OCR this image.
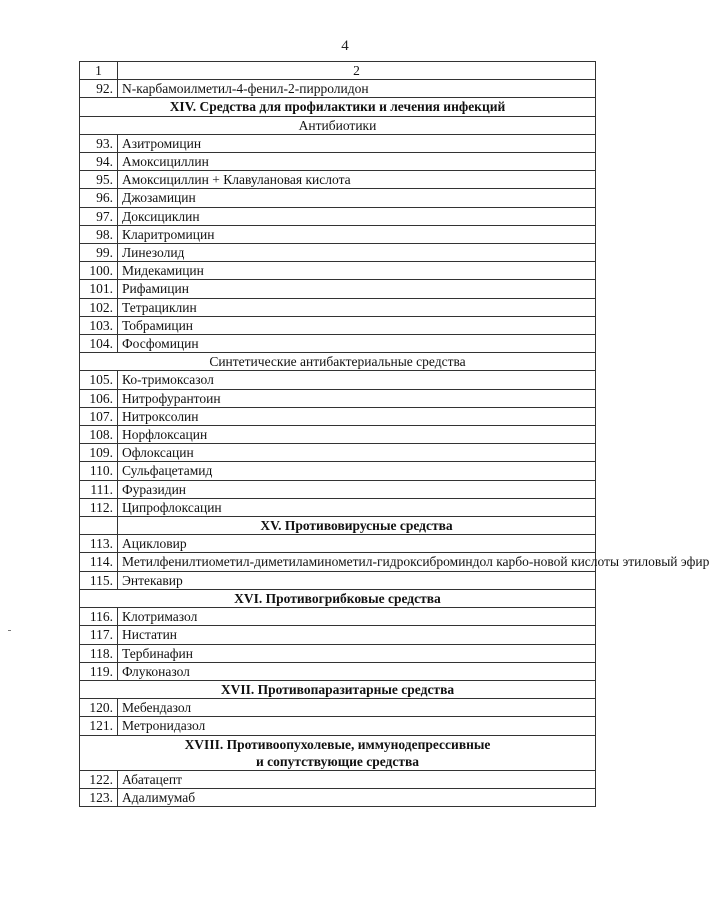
4
1	2
92.	N-карбамоилметил-4-фенил-2-пирролидон
XIV. Средства для профилактики и лечения инфекций	
Антибиотики	
93.	Азитромицин
94.	Амоксициллин
95.	Амоксициллин + Клавулановая кислота
96.	Джозамицин
97.	Доксициклин
98.	Кларитромицин
99.	Линезолид
100.	Мидекамицин
101.	Рифамицин
102.	Тетрациклин
103.	Тобрамицин
104.	Фосфомицин
Синтетические антибактериальные средства	
105.	Ко-тримоксазол
106.	Нитрофурантоин
107.	Нитроксолин
108.	Норфлоксацин
109.	Офлоксацин
110.	Сульфацетамид
111.	Фуразидин
112.	Ципрофлоксацин
	XV. Противовирусные средства
113.	Ацикловир
114.	Метилфенилтиометил-диметиламинометил-гидроксиброминдол карбо-новой кислоты этиловый эфир
115.	Энтекавир
XVI. Противогрибковые средства	
116.	Клотримазол
117.	Нистатин
118.	Тербинафин
119.	Флуконазол
XVII. Противопаразитарные средства	
120.	Мебендазол
121.	Метронидазол

XVIII. Противоопухолевые, иммунодепрессивные
и сопутствующие средства	

122.	Абатацепт
123.	Адалимумаб
